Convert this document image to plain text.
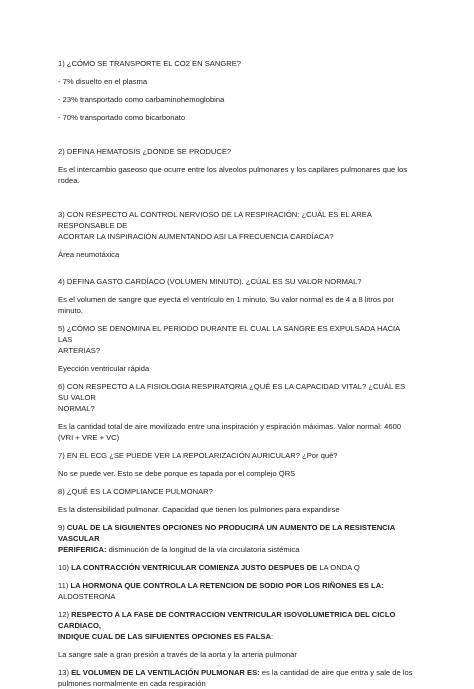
1) ¿CÓMO SE TRANSPORTE EL CO2 EN SANGRE?

- 7% disuelto en el plasma

- 23% transportado como carbaminohemoglobina

- 70% transportado como bicarbonato

2) DEFINA HEMATOSIS ¿DONDE SE PRODUCE?

Es el intercambio gaseoso que ocurre entre los alveolos pulmonares y los capilares pulmonares que los

rodea.

3) CON RESPECTO AL CONTROL NERVIOSO DE LA RESPIRACIÓN: ¿CUÁL ES EL AREA RESPONSABLE DE

ACORTAR LA INSPIRACIÓN AUMENTANDO ASI LA FRECUENCIA CARDÍACA?

Área neumotáxica

4) DEFINA GASTO CARDÍACO (VOLUMEN MINUTO). ¿CÚAL ES SU VALOR NORMAL?

Es el volumen de sangre que eyecta el ventrículo en 1 minuto. Su valor normal es de 4 a 8 litros por

minuto.

5) ¿CÓMO SE DENOMINA EL PERIODO DURANTE EL CUAL LA SANGRE ES EXPULSADA HACIA LAS

ARTERIAS?

Eyección ventricular rápida

6) CON RESPECTO A LA FISIOLOGIA RESPIRATORIA ¿QUÉ ES LA CAPACIDAD VITAL? ¿CUÁL ES SU VALOR

NORMAL?

Es la cantidad total de aire movilizado entre una inspiración y espiración máximas. Valor normal: 4600

(VRI + VRE + VC)

7) EN EL ECG ¿SE PUEDE VER LA REPOLARIZACIÓN AURICULAR? ¿Por qué?

No se puede ver. Esto se debe porque es tapada por el complejo QRS

8) ¿QUÉ ES LA COMPLIANCE PULMONAR?

Es la distensibilidad pulmonar. Capacidad que tienen los pulmones para expandirse

9) CUAL DE LA SIGUIENTES OPCIONES NO PRODUCIRÁ UN AUMENTO DE LA RESISTENCIA VASCULAR

PERIFERICA: disminución de la longitud de la vía circulatoria sistémica

10) LA CONTRACCIÓN VENTRICULAR COMIENZA JUSTO DESPUES DE LA ONDA Q

11) LA HORMONA QUE CONTROLA LA RETENCION DE SODIO POR LOS RIÑONES ES LA: ALDOSTERONA

12) RESPECTO A LA FASE DE CONTRACCION VENTRICULAR ISOVOLUMETRICA DEL CICLO CARDIACO,

INDIQUE CUAL DE LAS SIFUIENTES OPCIONES ES FALSA:

La sangre sale a gran presión a través de la aorta y la arteria pulmonar

13) EL VOLUMEN DE LA VENTILACIÓN PULMONAR ES: es la cantidad de aire que entra y sale de los

pulmones normalmente en cada respiración
